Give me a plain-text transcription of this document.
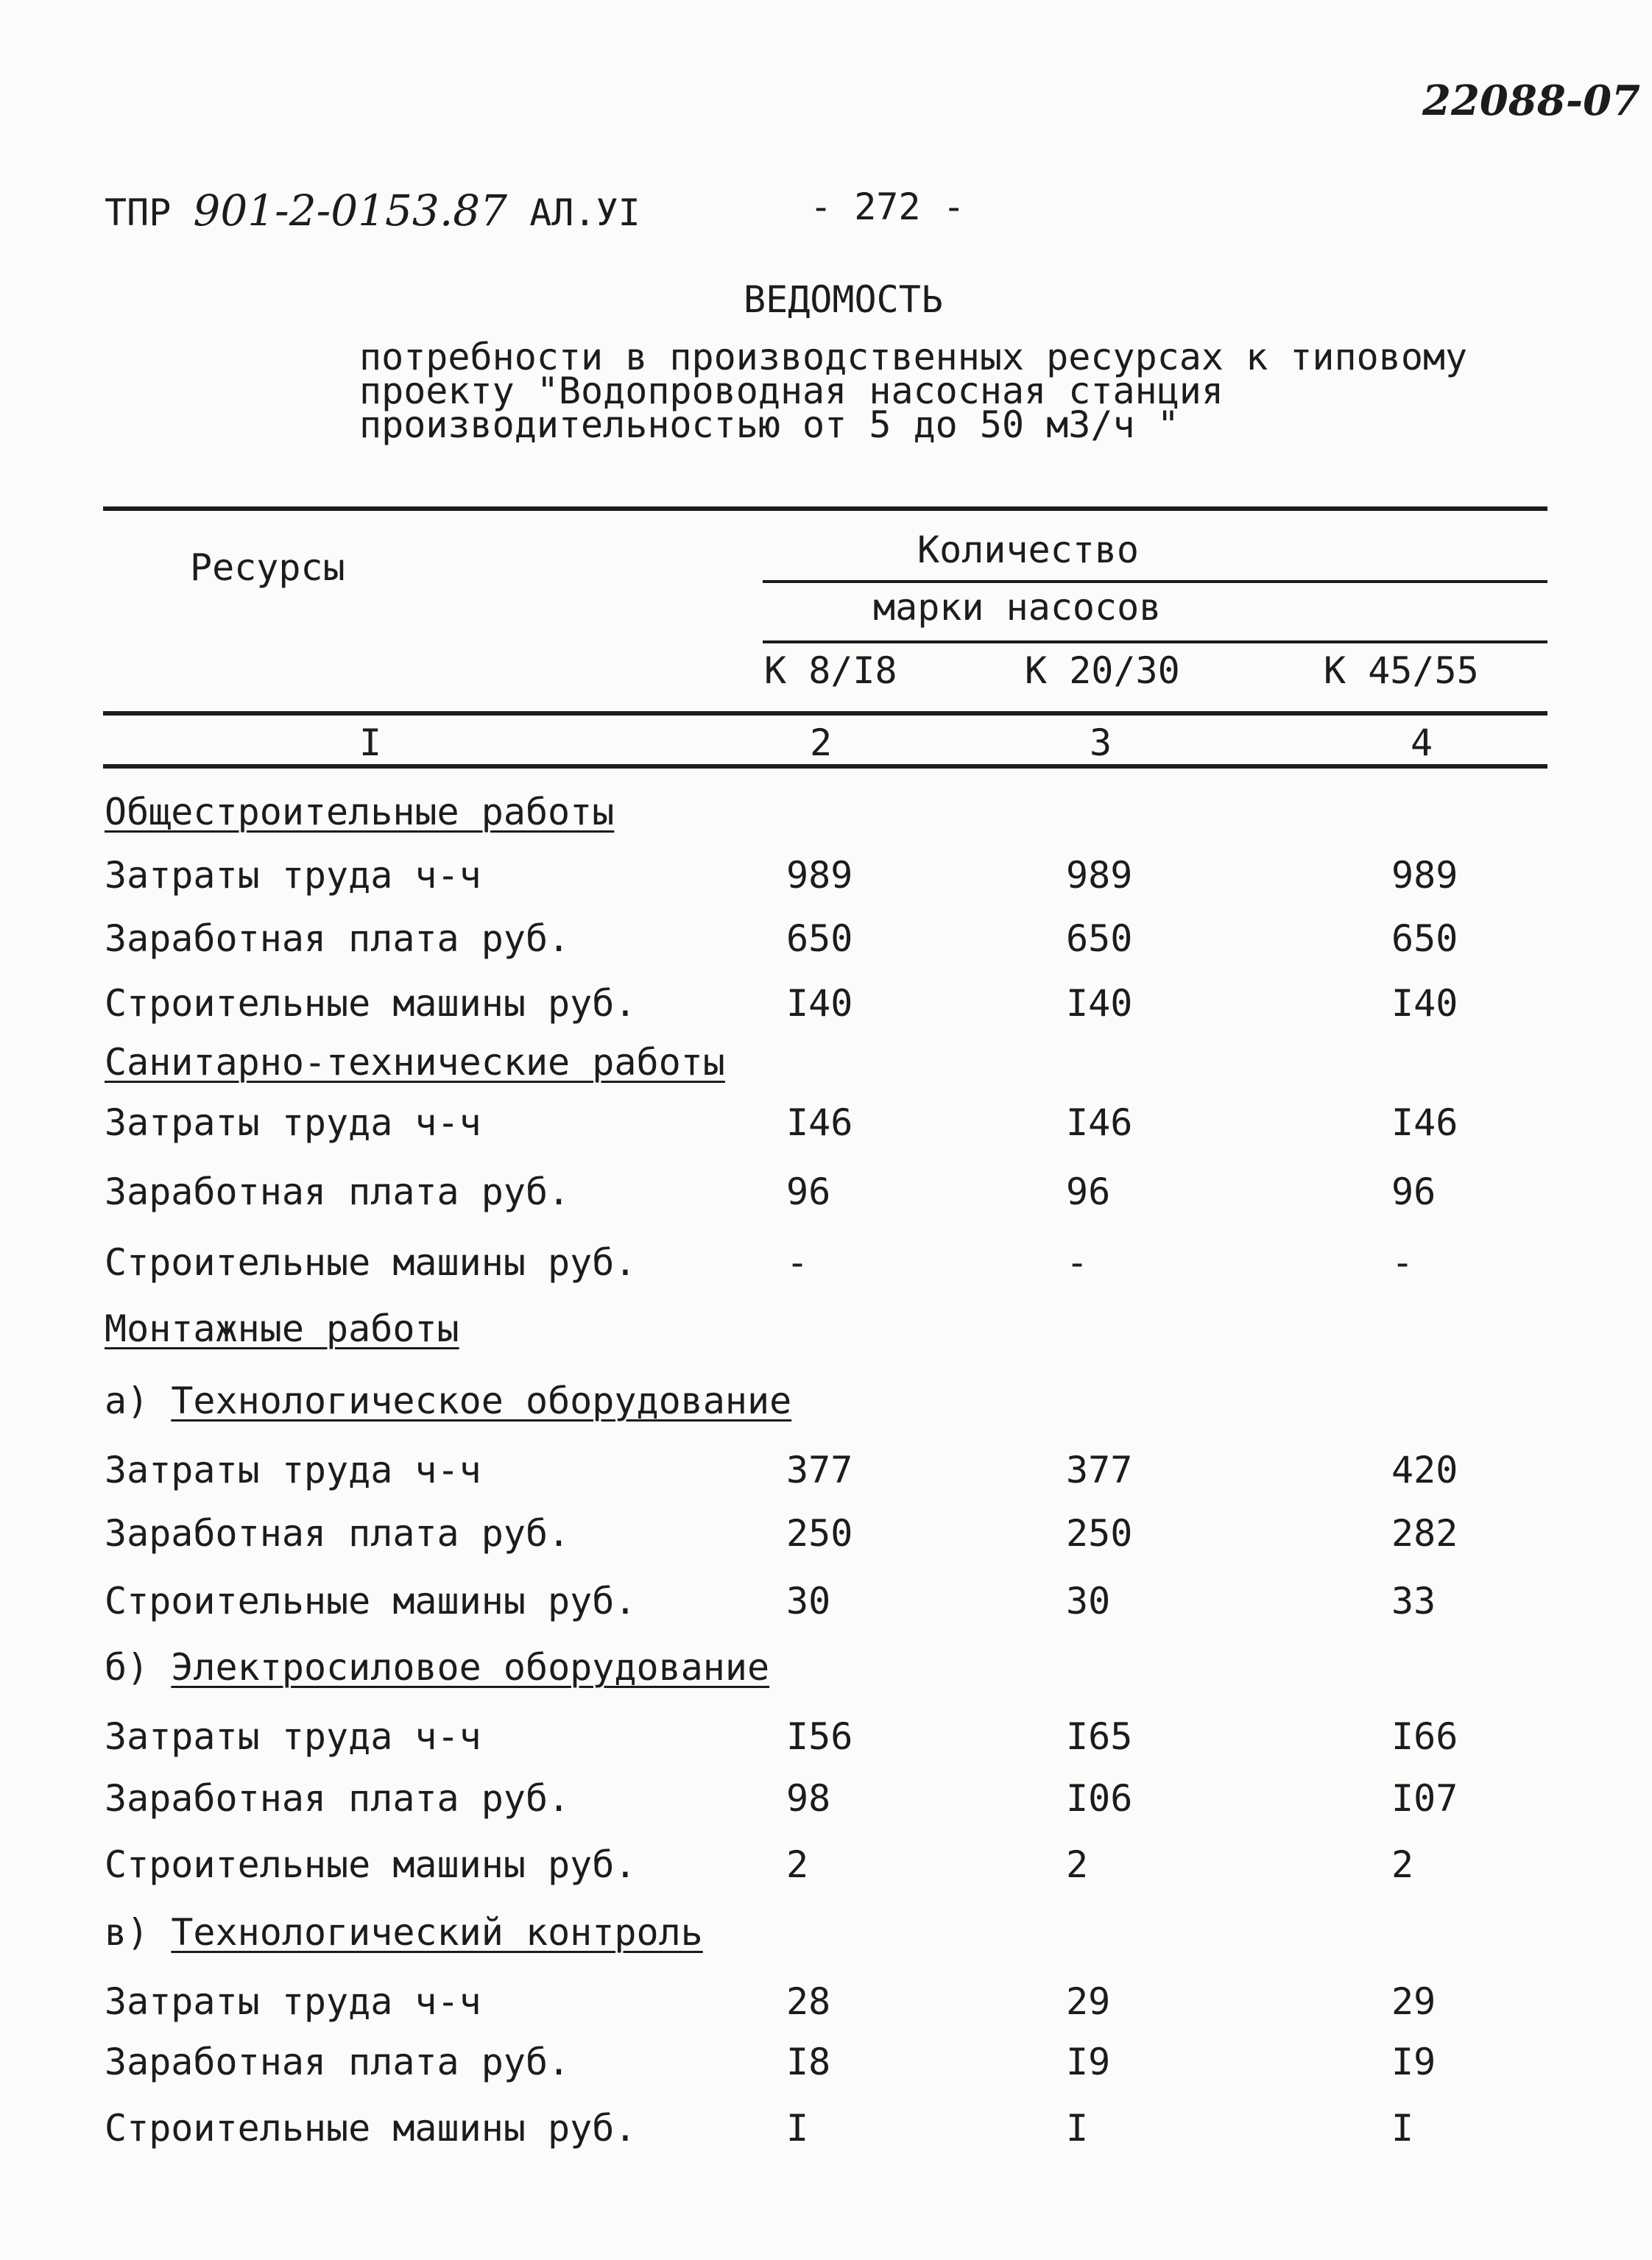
22088-07
ТПР 901-2-0153.87 АЛ.УI	- 272 -
ВЕДОМОСТЬ
потребности в производственных ресурсах к типовому проекту "Водопроводная насосная станция производительностью от 5 до 50 м3/ч "
Ресурсы	Количество
марки насосов
К 8/I8	К 20/30	К 45/55
I	2	3	4
Общестроительные работы
Затраты труда ч-ч	989	989	989
Заработная плата руб.	650	650	650
Строительные машины руб.	I40	I40	I40
Санитарно-технические работы
Затраты труда ч-ч	I46	I46	I46
Заработная плата руб.	96	96	96
Строительные машины руб.	-	-	-
Монтажные работы
а) Технологическое оборудование
Затраты труда ч-ч	377	377	420
Заработная плата руб.	250	250	282
Строительные машины руб.	30	30	33
б) Электросиловое оборудование
Затраты труда ч-ч	I56	I65	I66
Заработная плата руб.	98	I06	I07
Строительные машины руб.	2	2	2
в) Технологический контроль
Затраты труда ч-ч	28	29	29
Заработная плата руб.	I8	I9	I9
Строительные машины руб.	I	I	I
